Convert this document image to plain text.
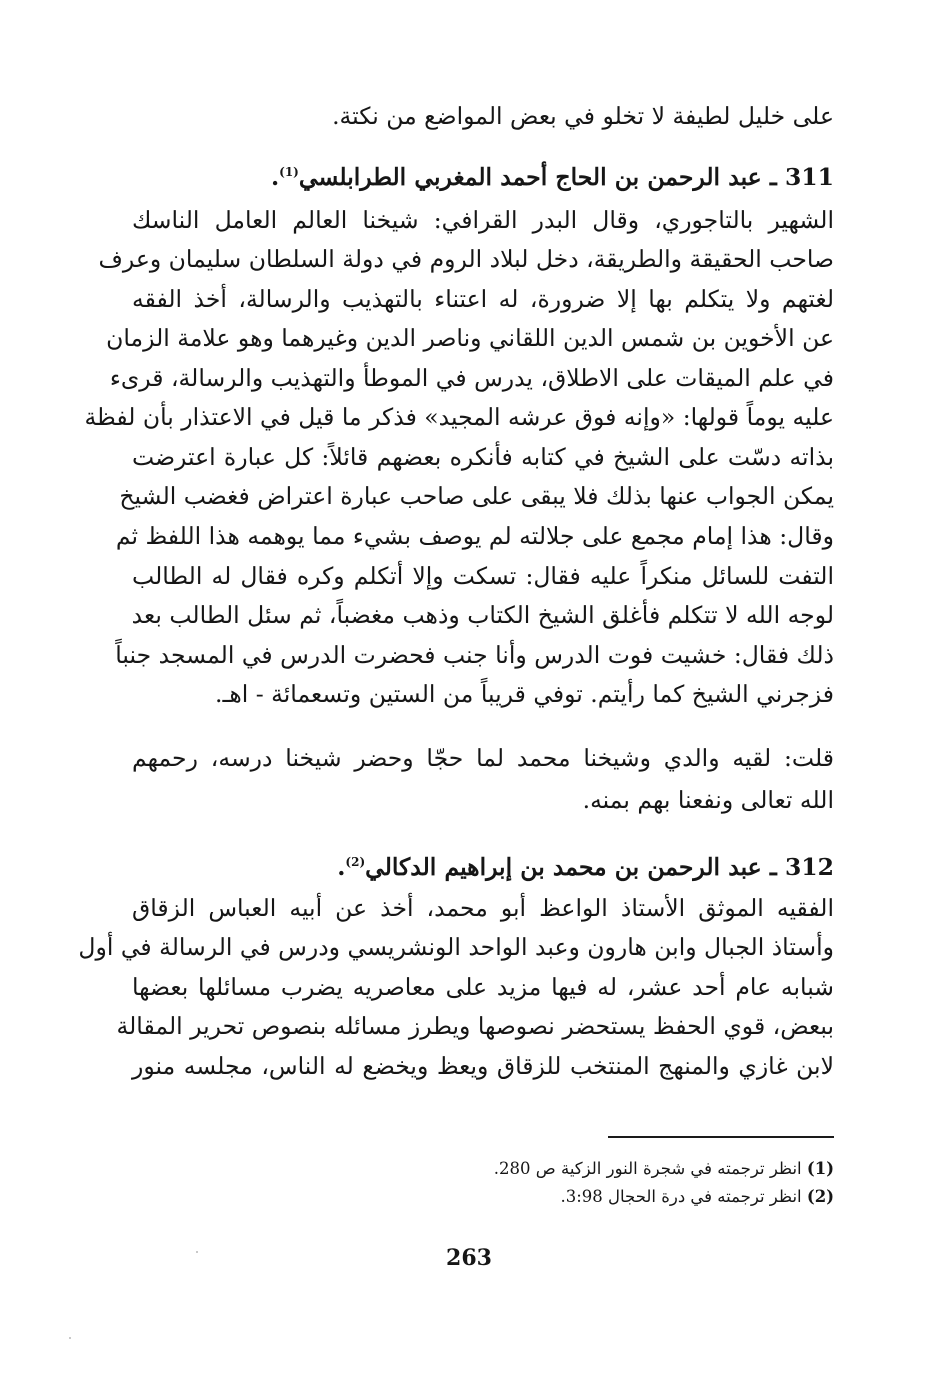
على خليل لطيفة لا تخلو في بعض المواضع من نكتة.
311 ـ عبد الرحمن بن الحاج أحمد المغربي الطرابلسي$^{(1)}$.
الشهير بالتاجوري، وقال البدر القرافي: شيخنا العالم العامل الناسك
صاحب الحقيقة والطريقة، دخل لبلاد الروم في دولة السلطان سليمان وعرف
لغتهم ولا يتكلم بها إلا ضرورة، له اعتناء بالتهذيب والرسالة، أخذ الفقه
عن الأخوين بن شمس الدين اللقاني وناصر الدين وغيرهما وهو علامة الزمان
في علم الميقات على الاطلاق، يدرس في الموطأ والتهذيب والرسالة، قرىء
عليه يوماً قولها: «وإنه فوق عرشه المجيد» فذكر ما قيل في الاعتذار بأن لفظة
بذاته دسّت على الشيخ في كتابه فأنكره بعضهم قائلاً: كل عبارة اعترضت
يمكن الجواب عنها بذلك فلا يبقى على صاحب عبارة اعتراض فغضب الشيخ
وقال: هذا إمام مجمع على جلالته لم يوصف بشيء مما يوهمه هذا اللفظ ثم
التفت للسائل منكراً عليه فقال: تسكت وإلا أتكلم وكره فقال له الطالب
لوجه الله لا تتكلم فأغلق الشيخ الكتاب وذهب مغضباً، ثم سئل الطالب بعد
ذلك فقال: خشيت فوت الدرس وأنا جنب فحضرت الدرس في المسجد جنباً
فزجرني الشيخ كما رأيتم. توفي قريباً من الستين وتسعمائة - اهـ.
قلت: لقيه والدي وشيخنا محمد لما حجّا وحضر شيخنا درسه، رحمهم
الله تعالى ونفعنا بهم بمنه.
312 ـ عبد الرحمن بن محمد بن إبراهيم الدكالي$^{(2)}$.
الفقيه الموثق الأستاذ الواعظ أبو محمد، أخذ عن أبيه العباس الزقاق
وأستاذ الجبال وابن هارون وعبد الواحد الونشريسي ودرس في الرسالة في أول
شبابه عام أحد عشر، له فيها مزيد على معاصريه يضرب مسائلها بعضها
ببعض، قوي الحفظ يستحضر نصوصها ويطرز مسائله بنصوص تحرير المقالة
لابن غازي والمنهج المنتخب للزقاق ويعظ ويخضع له الناس، مجلسه منور
(1) انظر ترجمته في شجرة النور الزكية ص 280.
(2) انظر ترجمته في درة الحجال 3:98.
263
